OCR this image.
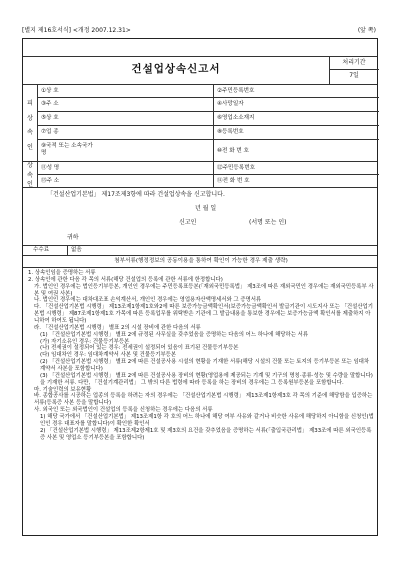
[별지 제16호서식] <개정 2007.12.31>	(앞 쪽)
건설업상속신고서
처리기간
7일
피
상
속
인
①상 호	②주민등록번호
③주 소	④사망일자
⑤상 호	⑥영업소소재지
⑦업 종	⑧등록번호
⑨국적 또는 소속국가명	⑩전 화 번 호
상
속
인
⑪성 명	⑫주민등록번호
⑬주 소	⑭전 화 번 호
「건설산업기본법」 제17조제3항에 따라 건설업상속을 신고합니다.
년 월 일
신고인	(서명 또는 인)
귀하
수수료	없음
첨부서류(행정정보의 공동이용을 통하여 확인이 가능한 경우 제출 생략)

1. 상속인임을 증명하는 서류

2. 상속인에 관한 다음 각 목의 서류(해당 건설업의 등록에 관한 서류에 한정합니다)

가. 법인인 경우에는 법인등기부등본, 개인인 경우에는 주민등록표등본(「재외국민등록법」 제3조에 따른 재외국민인 경우에는 재외국민등록부 사본 및 여권 사본)

나. 법인인 경우에는 대차대조표 손익계산서, 개인인 경우에는 영업용자산액명세서와 그 증명서류

다. 「건설산업기본법 시행령」 제13조제1항제1호와2에 따른 보증가능금액확인서(보증가능금액확인서 발급기관이 시도지사 또는 「건설산업기본법 시행령」 제87조제1항제1호 가목에 따른 등록업무를 위탁받은 기관에 그 발급내용을 통보한 경우에는 보증가능금액 확인서를 제출하지 아니하여 하여도 됩니다)

라. 「건설산업기본법 시행령」 별표 2의 시설 장비에 관한 다음의 서류

(1) 「건설산업기본법 시행령」 별표 2에 규정된 사무실을 갖추었음을 증명하는 다음의 어느 하나에 해당하는 서류

(가) 자기소유인 경우: 건물등기부등본

(나) 전세권이 설정되어 있는 경우: 전세권이 설정되어 있음이 표기된 건물등기부등본

(다) 임대차인 경우: 임대차계약서 사본 및 건물등기부등본

(2) 「건설산업기본법 시행령」 별표 2에 따른 건설공사용 시설의 현황을 기재한 서류(해당 시설의 건물 또는 토지의 등기부등본 또는 임대차계약서 사본을 포함합니다)

(3) 「건설산업기본법 시행령」 별표 2에 따른 건설공사용 장비의 현황(영업용에 제공되는 기계 및 기구의 명칭·종류·성능 및 수량을 말합니다)을 기재한 서류. 다만, 「건설기계관리법」 그 밖의 다른 법령에 따라 등록을 하는 장비의 경우에는 그 등록원부등본을 포함합니다.

마. 기술인력의 보유현황

바. 종합공사를 시공하는 업종의 등록을 하려는 자의 경우에는 「건설산업기본법 시행령」 제13조제1항제3호 각 목의 기준에 해당함을 입증하는 서류(등록증 사본 등을 말합니다)

사. 외국인 또는 외국법인이 건설업의 등록을 신청하는 경우에는 다음의 서류

1) 해당 국가에서 「건설산업기본법」 제13조제1항 각 호의 어느 하나에 해당 여부 사유와 같거나 비슷한 사유에 해당하지 아니함을 신청인(법인인 경우 대표자를 말합니다)이 확인한 확인서

2) 「건설산업기본법 시행령」 제13조제2항제1호 및 제3호의 요건을 갖추었음을 증명하는 서류(「출입국관리법」 제33조에 따른 외국인등록증 사본 및 영업소 등기부등본을 포함합니다)
